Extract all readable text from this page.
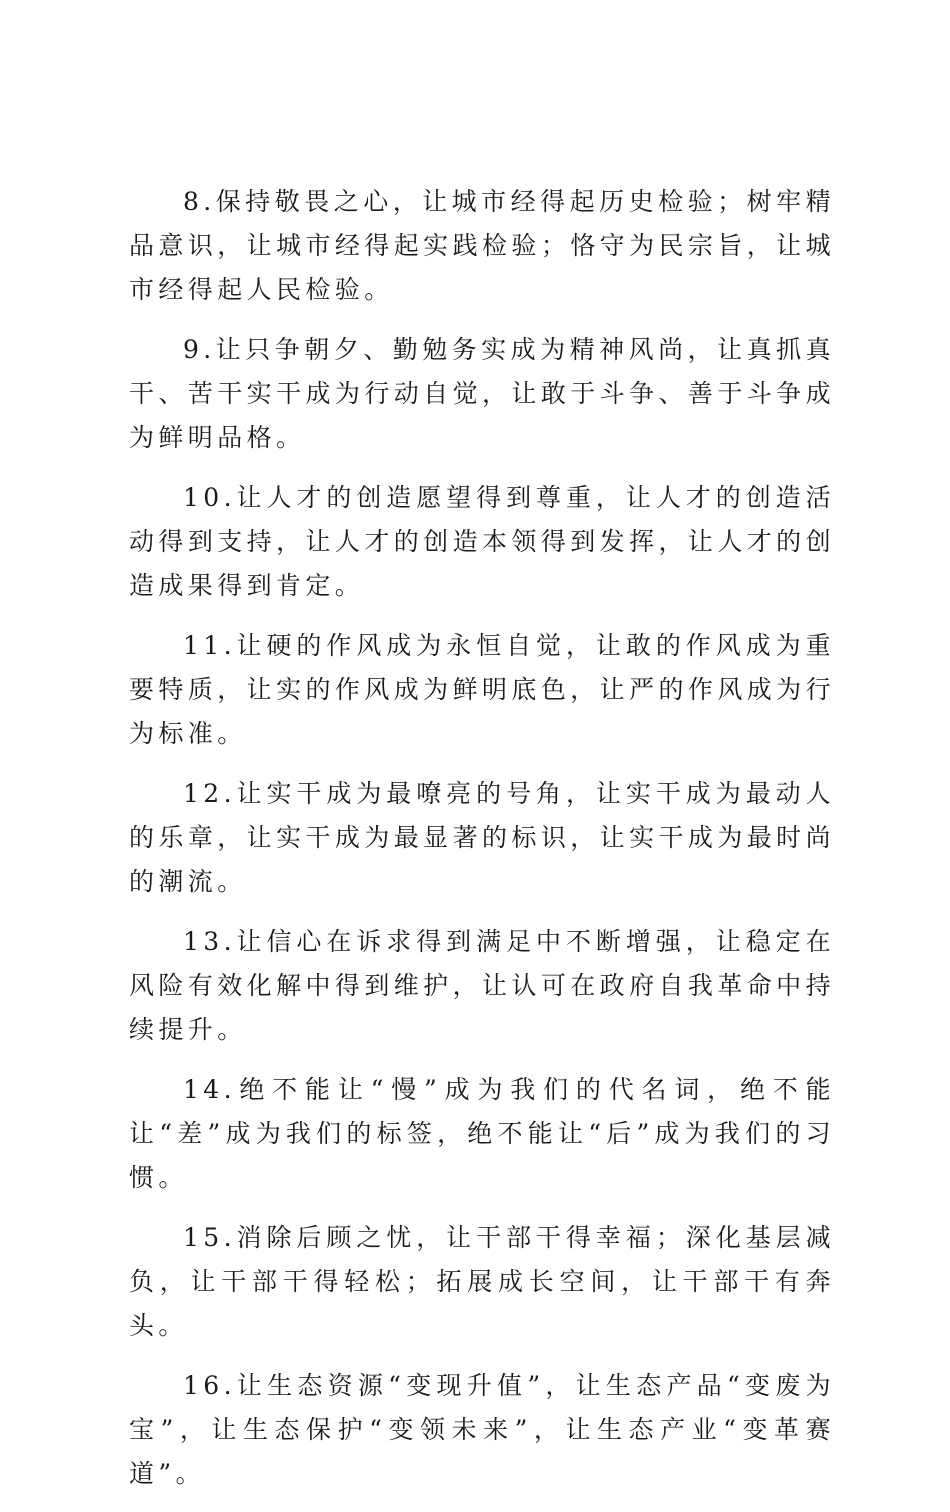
8.保持敬畏之心，让城市经得起历史检验；树牢精品意识，让城市经得起实践检验；恪守为民宗旨，让城市经得起人民检验。

9.让只争朝夕、勤勉务实成为精神风尚，让真抓真干、苦干实干成为行动自觉，让敢于斗争、善于斗争成为鲜明品格。

10.让人才的创造愿望得到尊重，让人才的创造活动得到支持，让人才的创造本领得到发挥，让人才的创造成果得到肯定。

11.让硬的作风成为永恒自觉，让敢的作风成为重要特质，让实的作风成为鲜明底色，让严的作风成为行为标准。

12.让实干成为最嘹亮的号角，让实干成为最动人的乐章，让实干成为最显著的标识，让实干成为最时尚的潮流。

13.让信心在诉求得到满足中不断增强，让稳定在风险有效化解中得到维护，让认可在政府自我革命中持续提升。

14.绝不能让“慢”成为我们的代名词，绝不能让“差”成为我们的标签，绝不能让“后”成为我们的习惯。

15.消除后顾之忧，让干部干得幸福；深化基层减负，让干部干得轻松；拓展成长空间，让干部干有奔头。

16.让生态资源“变现升值”，让生态产品“变废为宝”，让生态保护“变领未来”，让生态产业“变革赛道”。
